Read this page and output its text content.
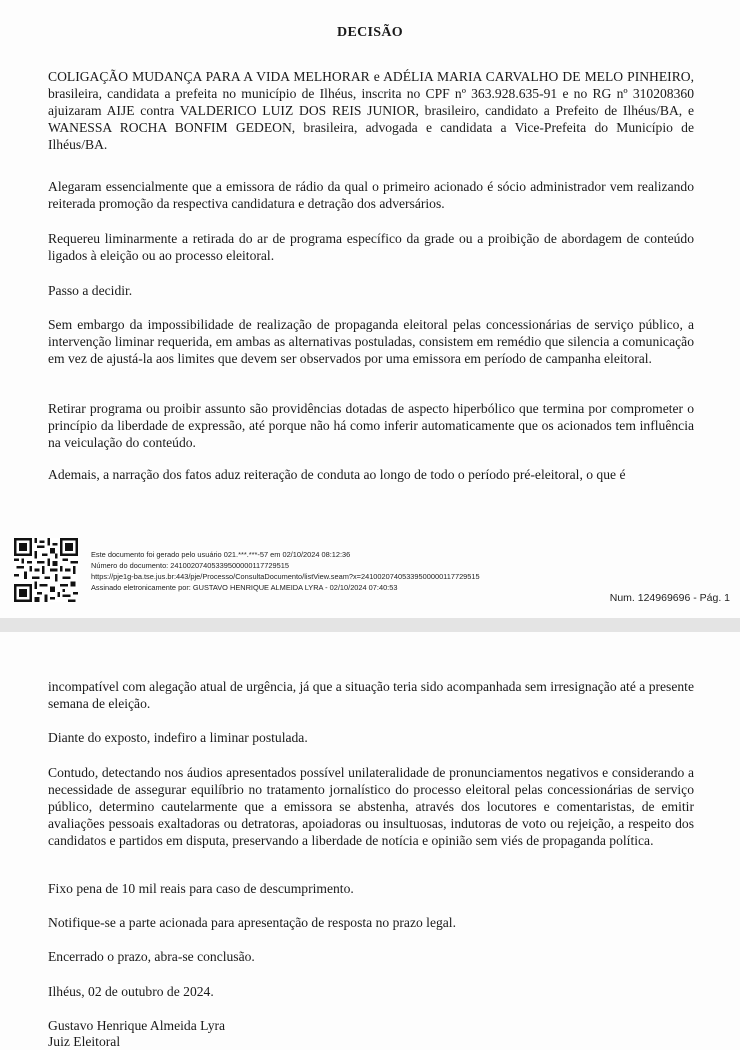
DECISÃO

COLIGAÇÃO MUDANÇA PARA A VIDA MELHORAR e ADÉLIA MARIA CARVALHO DE MELO PINHEIRO, brasileira, candidata a prefeita no município de Ilhéus, inscrita no CPF nº 363.928.635-91 e no RG nº 310208360 ajuizaram AIJE contra VALDERICO LUIZ DOS REIS JUNIOR, brasileiro, candidato a Prefeito de Ilhéus/BA, e WANESSA ROCHA BONFIM GEDEON, brasileira, advogada e candidata a Vice-Prefeita do Município de Ilhéus/BA.

Alegaram essencialmente que a emissora de rádio da qual o primeiro acionado é sócio administrador vem realizando reiterada promoção da respectiva candidatura e detração dos adversários.

Requereu liminarmente a retirada do ar de programa específico da grade ou a proibição de abordagem de conteúdo ligados à eleição ou ao processo eleitoral.

Passo a decidir.

Sem embargo da impossibilidade de realização de propaganda eleitoral pelas concessionárias de serviço público, a intervenção liminar requerida, em ambas as alternativas postuladas, consistem em remédio que silencia a comunicação em vez de ajustá-la aos limites que devem ser observados por uma emissora em período de campanha eleitoral.

Retirar programa ou proibir assunto são providências dotadas de aspecto hiperbólico que termina por comprometer o princípio da liberdade de expressão, até porque não há como inferir automaticamente que os acionados tem influência na veiculação do conteúdo.

Ademais, a narração dos fatos aduz reiteração de conduta ao longo de todo o período pré-eleitoral, o que é

Este documento foi gerado pelo usuário 021.***.***-57 em 02/10/2024 08:12:36
Número do documento: 24100207405339500000117729515
https://pje1g-ba.tse.jus.br:443/pje/Processo/ConsultaDocumento/listView.seam?x=24100207405339500000117729515
Assinado eletronicamente por: GUSTAVO HENRIQUE ALMEIDA LYRA - 02/10/2024 07:40:53
Num. 124969696 - Pág. 1

incompatível com alegação atual de urgência, já que a situação teria sido acompanhada sem irresignação até a presente semana de eleição.

Diante do exposto, indefiro a liminar postulada.

Contudo, detectando nos áudios apresentados possível unilateralidade de pronunciamentos negativos e considerando a necessidade de assegurar equilíbrio no tratamento jornalístico do processo eleitoral pelas concessionárias de serviço público, determino cautelarmente que a emissora se abstenha, através dos locutores e comentaristas, de emitir avaliações pessoais exaltadoras ou detratoras, apoiadoras ou insultuosas, indutoras de voto ou rejeição, a respeito dos candidatos e partidos em disputa, preservando a liberdade de notícia e opinião sem viés de propaganda política.

Fixo pena de 10 mil reais para caso de descumprimento.

Notifique-se a parte acionada para apresentação de resposta no prazo legal.

Encerrado o prazo, abra-se conclusão.

Ilhéus, 02 de outubro de 2024.

Gustavo Henrique Almeida Lyra
Juiz Eleitoral
